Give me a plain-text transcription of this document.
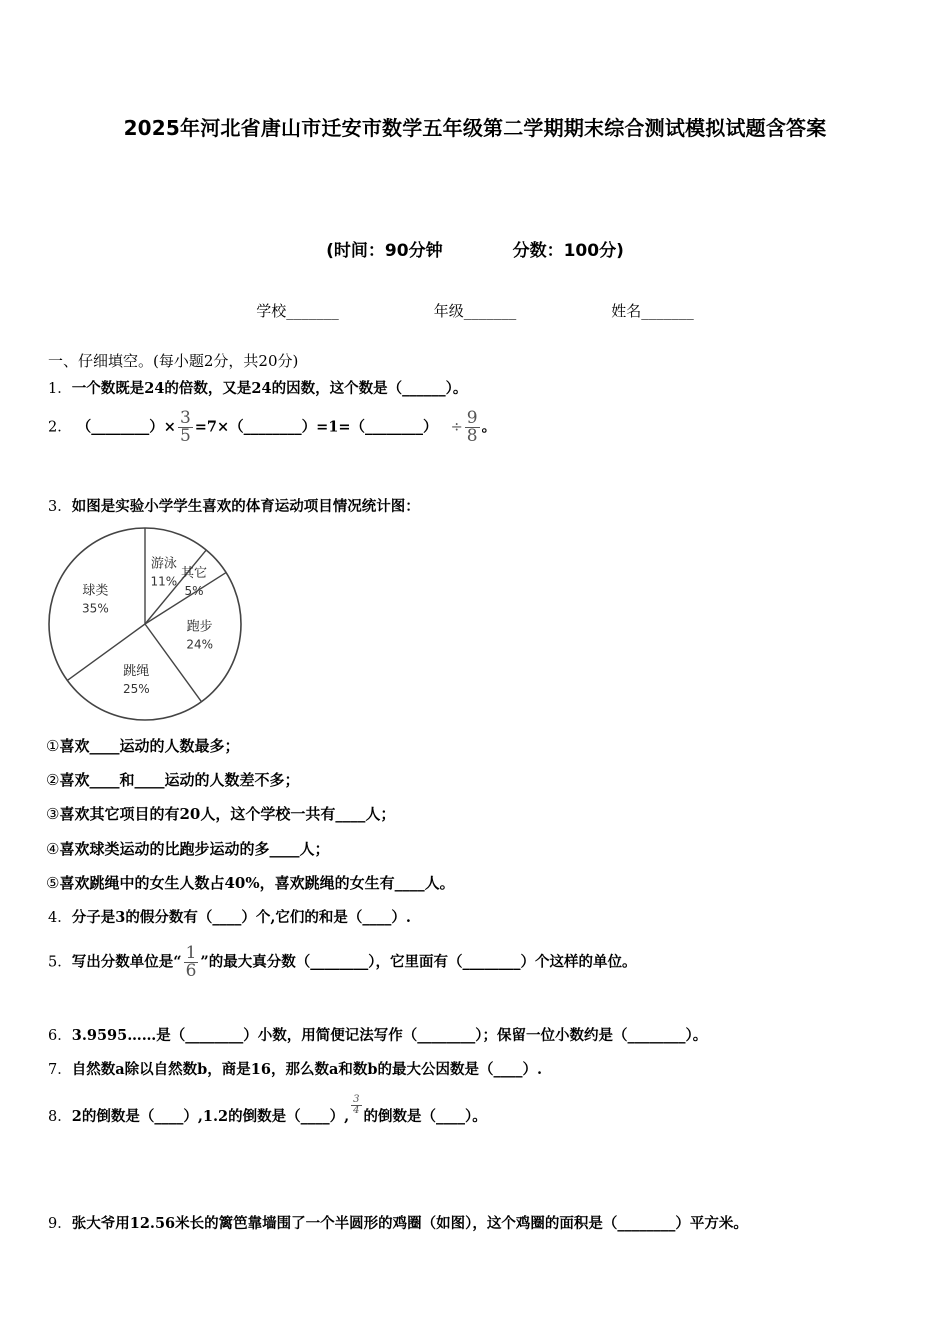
2025年河北省唐山市迁安市数学五年级第二学期期末综合测试模拟试题含答案
(时间：90分钟	分数：100分)
学校_______	年级_______	姓名_______
一、仔细填空。(每小题2分，共20分)
1．一个数既是24的倍数，又是24的因数，这个数是（______）。
2． （________）× $\frac{3}{5}$ =7×（________）=1=（________） ÷ $\frac{9}{8}$ 。
3．如图是实验小学学生喜欢的体育运动项目情况统计图：
游泳
11%
其它
5%
跑步
24%
跳绳
25%
球类
35%
①喜欢____运动的人数最多；
②喜欢____和____运动的人数差不多；
③喜欢其它项目的有20人，这个学校一共有____人；
④喜欢球类运动的比跑步运动的多____人；
⑤喜欢跳绳中的女生人数占40%，喜欢跳绳的女生有____人。
4．分子是3的假分数有（____）个,它们的和是（____）.
5．写出分数单位是“ $\frac{1}{6}$ ”的最大真分数（________），它里面有（________）个这样的单位。
6．3.9595……是（________）小数，用简便记法写作（________）；保留一位小数约是（________）。
7．自然数a除以自然数b，商是16，那么数a和数b的最大公因数是（____）.
8．2的倒数是（____）,1.2的倒数是（____）,
$\frac{3}{4}$
的倒数是（____）。
9．张大爷用12.56米长的篱笆靠墙围了一个半圆形的鸡圈（如图），这个鸡圈的面积是（________）平方米。
